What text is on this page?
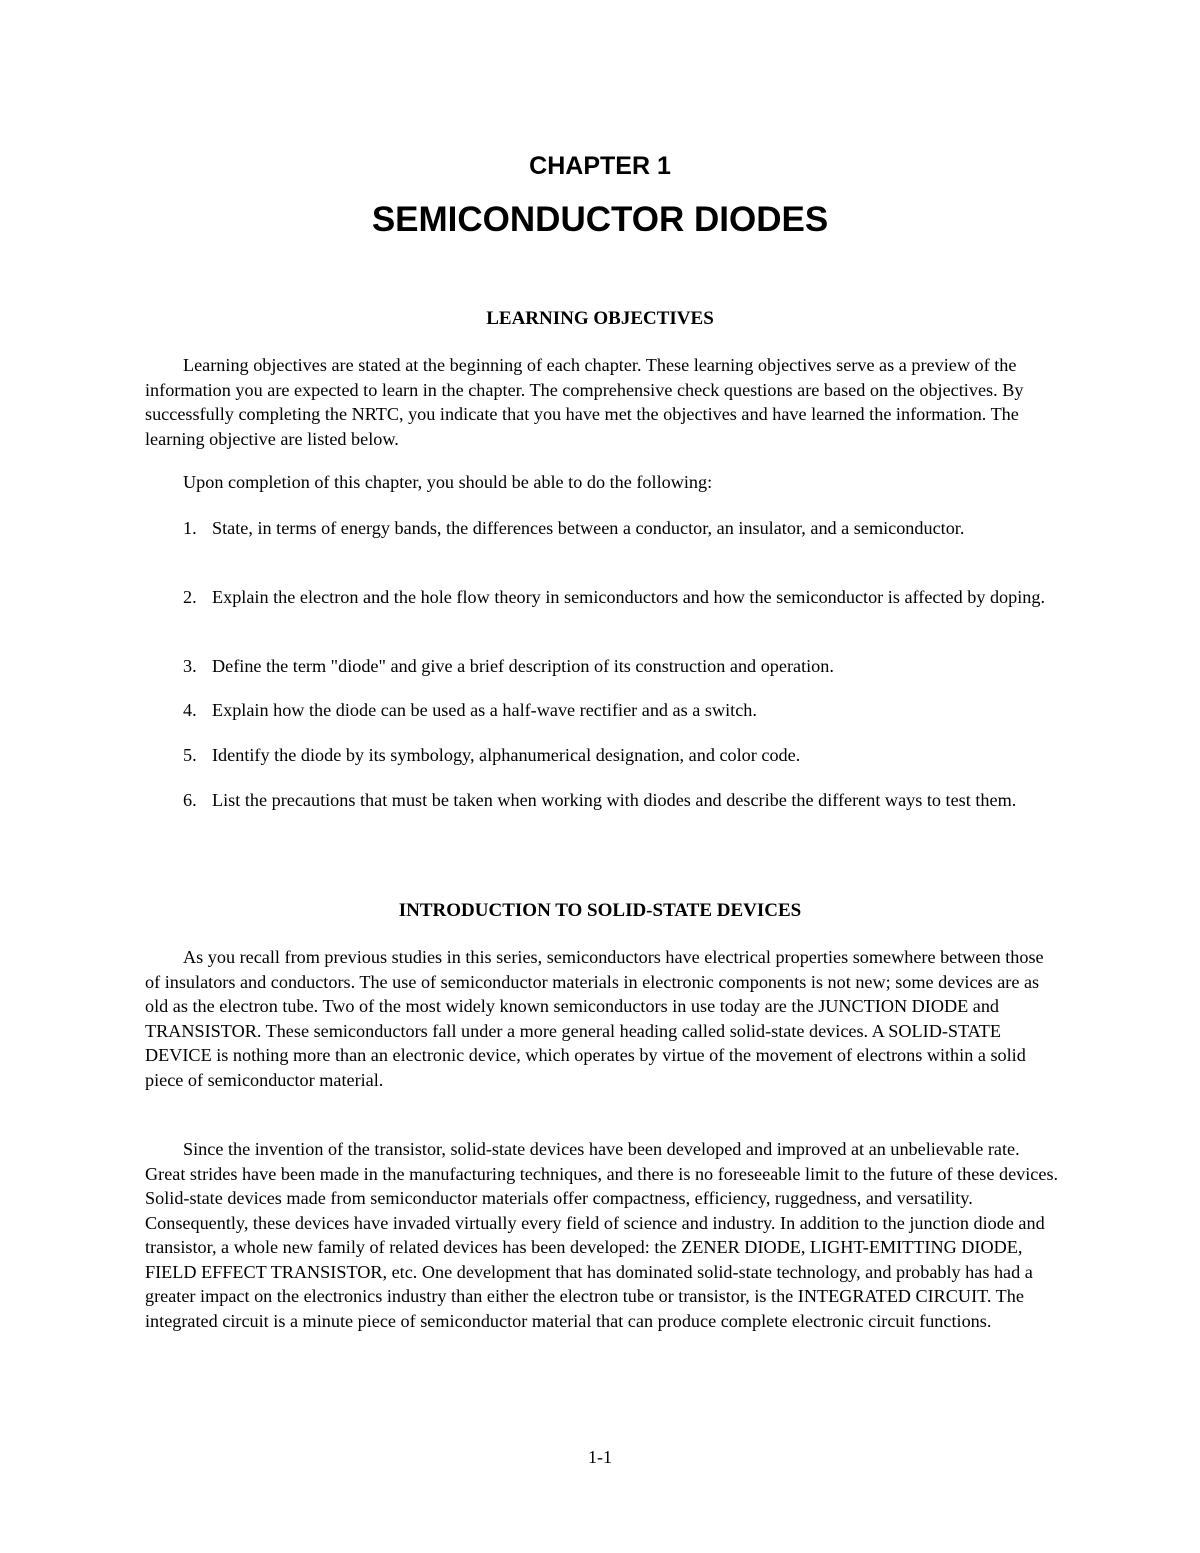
CHAPTER 1
SEMICONDUCTOR DIODES
LEARNING OBJECTIVES

Learning objectives are stated at the beginning of each chapter. These learning objectives serve as a preview of the information you are expected to learn in the chapter. The comprehensive check questions are based on the objectives. By successfully completing the NRTC, you indicate that you have met the objectives and have learned the information. The learning objective are listed below.

Upon completion of this chapter, you should be able to do the following:

1. State, in terms of energy bands, the differences between a conductor, an insulator, and a semiconductor.
2. Explain the electron and the hole flow theory in semiconductors and how the semiconductor is affected by doping.
3. Define the term "diode" and give a brief description of its construction and operation.
4. Explain how the diode can be used as a half-wave rectifier and as a switch.
5. Identify the diode by its symbology, alphanumerical designation, and color code.
6. List the precautions that must be taken when working with diodes and describe the different ways to test them.
INTRODUCTION TO SOLID-STATE DEVICES

As you recall from previous studies in this series, semiconductors have electrical properties somewhere between those of insulators and conductors. The use of semiconductor materials in electronic components is not new; some devices are as old as the electron tube. Two of the most widely known semiconductors in use today are the JUNCTION DIODE and TRANSISTOR. These semiconductors fall under a more general heading called solid-state devices. A SOLID-STATE DEVICE is nothing more than an electronic device, which operates by virtue of the movement of electrons within a solid piece of semiconductor material.

Since the invention of the transistor, solid-state devices have been developed and improved at an unbelievable rate. Great strides have been made in the manufacturing techniques, and there is no foreseeable limit to the future of these devices. Solid-state devices made from semiconductor materials offer compactness, efficiency, ruggedness, and versatility. Consequently, these devices have invaded virtually every field of science and industry. In addition to the junction diode and transistor, a whole new family of related devices has been developed: the ZENER DIODE, LIGHT-EMITTING DIODE, FIELD EFFECT TRANSISTOR, etc. One development that has dominated solid-state technology, and probably has had a greater impact on the electronics industry than either the electron tube or transistor, is the INTEGRATED CIRCUIT. The integrated circuit is a minute piece of semiconductor material that can produce complete electronic circuit functions.

1-1
